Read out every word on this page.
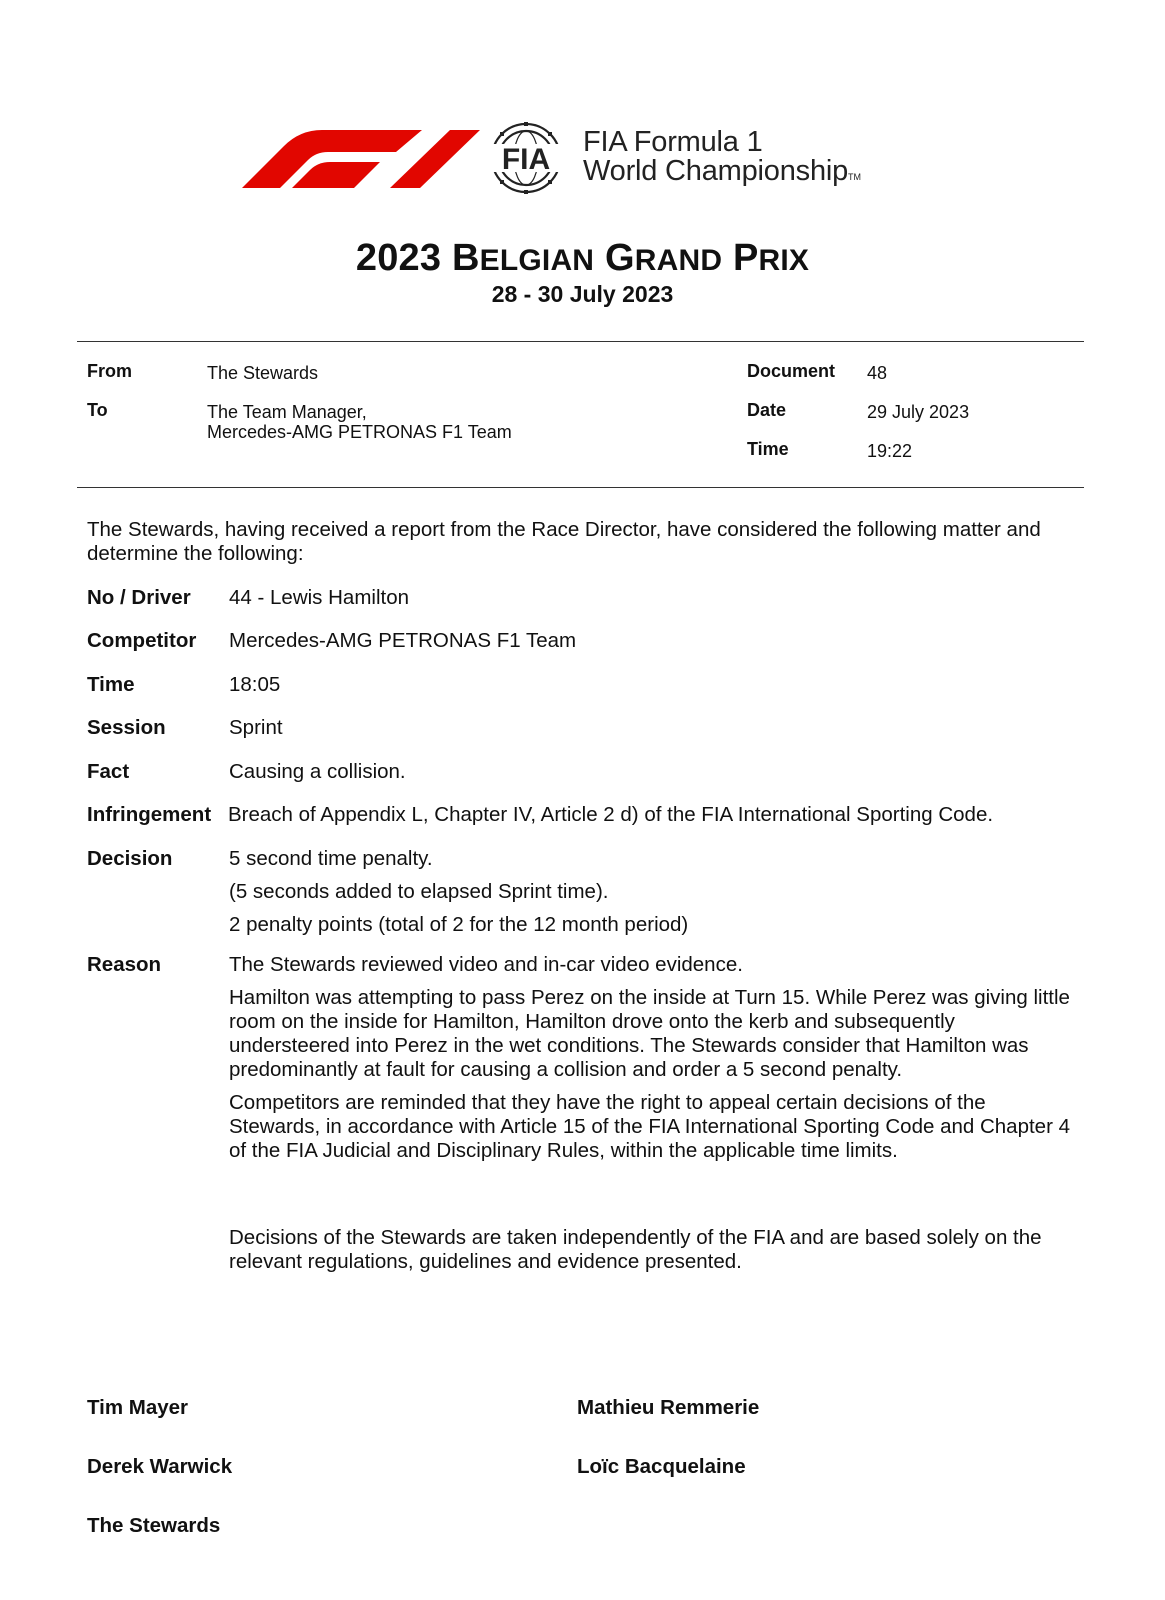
FIA
FIA Formula 1
World ChampionshipTM
2023 BELGIAN GRAND PRIX
28 - 30 July 2023
From	The Stewards
To	The Team Manager,
Mercedes-AMG PETRONAS F1 Team
Document 48
Date	29 July 2023
Time	19:22
The Stewards, having received a report from the Race Director, have considered the following matter and determine the following:
No / Driver 44 - Lewis Hamilton
Competitor Mercedes-AMG PETRONAS F1 Team
Time	18:05
Session	Sprint
Fact	Causing a collision.
Infringement Breach of Appendix L, Chapter IV, Article 2 d) of the FIA International Sporting Code.
Decision	5 second time penalty.

(5 seconds added to elapsed Sprint time).

2 penalty points (total of 2 for the 12 month period)

Reason	The Stewards reviewed video and in-car video evidence.

Hamilton was attempting to pass Perez on the inside at Turn 15. While Perez was giving little room on the inside for Hamilton, Hamilton drove onto the kerb and subsequently understeered into Perez in the wet conditions. The Stewards consider that Hamilton was predominantly at fault for causing a collision and order a 5 second penalty.

Competitors are reminded that they have the right to appeal certain decisions of the Stewards, in accordance with Article 15 of the FIA International Sporting Code and Chapter 4 of the FIA Judicial and Disciplinary Rules, within the applicable time limits.

Decisions of the Stewards are taken independently of the FIA and are based solely on the relevant regulations, guidelines and evidence presented.
Tim Mayer	Mathieu Remmerie
Derek Warwick	Loïc Bacquelaine
The Stewards
